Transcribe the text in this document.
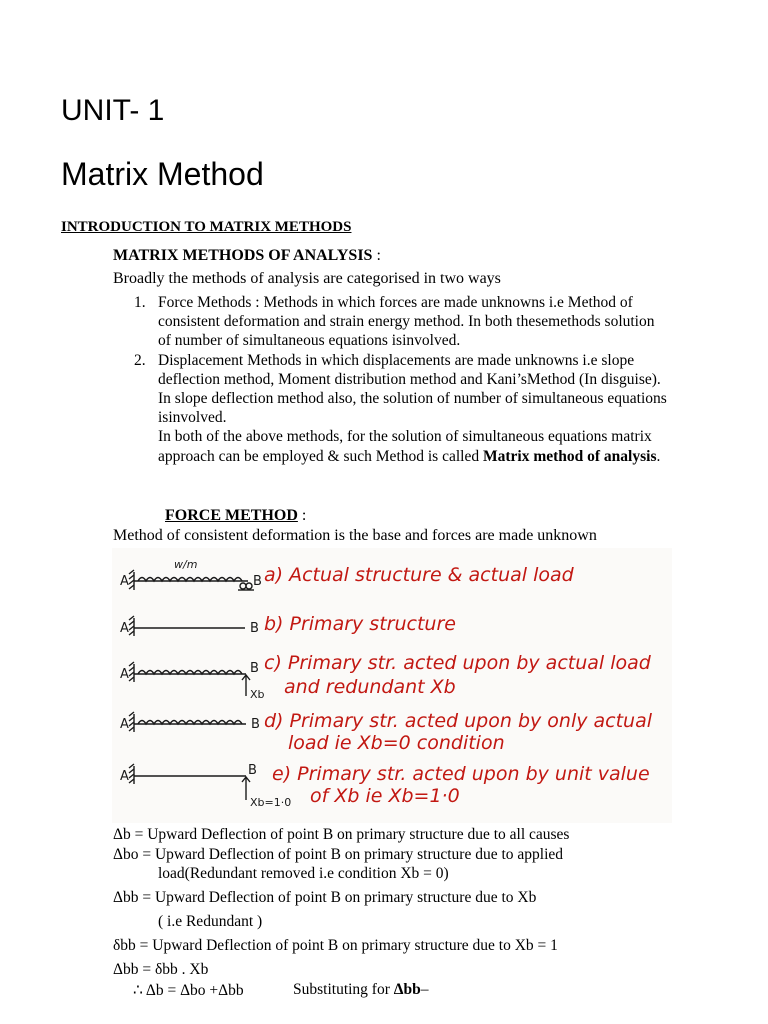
UNIT- 1
Matrix Method

INTRODUCTION TO MATRIX METHODS

MATRIX METHODS OF ANALYSIS :
Broadly the methods of analysis are categorised in two ways
1. Force Methods : Methods in which forces are made unknowns i.e Method of consistent deformation and strain energy method. In both thesemethods solution of number of simultaneous equations isinvolved.
2. Displacement Methods in which displacements are made unknowns i.e slope deflection method, Moment distribution method and Kani’sMethod (In disguise). In slope deflection method also, the solution of number of simultaneous equations isinvolved.
In both of the above methods, for the solution of simultaneous equations matrix approach can be employed & such Method is called Matrix method of analysis.
FORCE METHOD :
Method of consistent deformation is the base and forces are made unknown
A
w/m
B a) Actual structure & actual load
A	B b) Primary structure
A	B
Xb
c) Primary str. acted upon by actual load
and redundant Xb
A	B d) Primary str. acted upon by only actual
load ie Xb=0 condition
A	B
Xb=1·0
e) Primary str. acted upon by unit value
of Xb ie Xb=1·0
Δb = Upward Deflection of point B on primary structure due to all causes
Δbo = Upward Deflection of point B on primary structure due to applied
load(Redundant removed i.e condition Xb = 0)
Δbb = Upward Deflection of point B on primary structure due to Xb
( i.e Redundant )
δbb = Upward Deflection of point B on primary structure due to Xb = 1
Δbb = δbb . Xb
∴ Δb = Δbo +Δbb	Substituting for Δbb–
